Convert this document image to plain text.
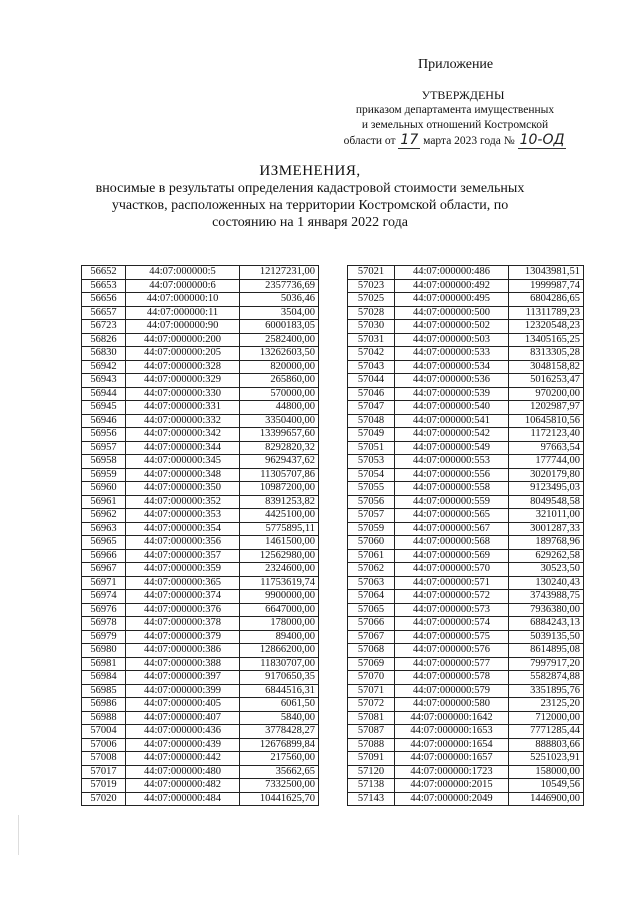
Приложение
УТВЕРЖДЕНЫ
приказом департамента имущественных
и земельных отношений Костромской
области от 17 марта 2023 года № 10-ОД
ИЗМЕНЕНИЯ,
вносимые в результаты определения кадастровой стоимости земельных
участков, расположенных на территории Костромской области, по
состоянию на 1 января 2022 года
56652	44:07:000000:5	12127231,00
56653	44:07:000000:6	2357736,69
56656	44:07:000000:10	5036,46
56657	44:07:000000:11	3504,00
56723	44:07:000000:90	6000183,05
56826	44:07:000000:200	2582400,00
56830	44:07:000000:205	13262603,50
56942	44:07:000000:328	820000,00
56943	44:07:000000:329	265860,00
56944	44:07:000000:330	570000,00
56945	44:07:000000:331	44800,00
56946	44:07:000000:332	3350400,00
56956	44:07:000000:342	13399657,60
56957	44:07:000000:344	8292820,32
56958	44:07:000000:345	9629437,62
56959	44:07:000000:348	11305707,86
56960	44:07:000000:350	10987200,00
56961	44:07:000000:352	8391253,82
56962	44:07:000000:353	4425100,00
56963	44:07:000000:354	5775895,11
56965	44:07:000000:356	1461500,00
56966	44:07:000000:357	12562980,00
56967	44:07:000000:359	2324600,00
56971	44:07:000000:365	11753619,74
56974	44:07:000000:374	9900000,00
56976	44:07:000000:376	6647000,00
56978	44:07:000000:378	178000,00
56979	44:07:000000:379	89400,00
56980	44:07:000000:386	12866200,00
56981	44:07:000000:388	11830707,00
56984	44:07:000000:397	9170650,35
56985	44:07:000000:399	6844516,31
56986	44:07:000000:405	6061,50
56988	44:07:000000:407	5840,00
57004	44:07:000000:436	3778428,27
57006	44:07:000000:439	12676899,84
57008	44:07:000000:442	217560,00
57017	44:07:000000:480	35662,65
57019	44:07:000000:482	7332500,00
57020	44:07:000000:484	10441625,70
57021	44:07:000000:486	13043981,51
57023	44:07:000000:492	1999987,74
57025	44:07:000000:495	6804286,65
57028	44:07:000000:500	11311789,23
57030	44:07:000000:502	12320548,23
57031	44:07:000000:503	13405165,25
57042	44:07:000000:533	8313305,28
57043	44:07:000000:534	3048158,82
57044	44:07:000000:536	5016253,47
57046	44:07:000000:539	970200,00
57047	44:07:000000:540	1202987,97
57048	44:07:000000:541	10645810,56
57049	44:07:000000:542	1172123,40
57051	44:07:000000:549	97663,54
57053	44:07:000000:553	177744,00
57054	44:07:000000:556	3020179,80
57055	44:07:000000:558	9123495,03
57056	44:07:000000:559	8049548,58
57057	44:07:000000:565	321011,00
57059	44:07:000000:567	3001287,33
57060	44:07:000000:568	189768,96
57061	44:07:000000:569	629262,58
57062	44:07:000000:570	30523,50
57063	44:07:000000:571	130240,43
57064	44:07:000000:572	3743988,75
57065	44:07:000000:573	7936380,00
57066	44:07:000000:574	6884243,13
57067	44:07:000000:575	5039135,50
57068	44:07:000000:576	8614895,08
57069	44:07:000000:577	7997917,20
57070	44:07:000000:578	5582874,88
57071	44:07:000000:579	3351895,76
57072	44:07:000000:580	23125,20
57081	44:07:000000:1642	712000,00
57087	44:07:000000:1653	7771285,44
57088	44:07:000000:1654	888803,66
57091	44:07:000000:1657	5251023,91
57120	44:07:000000:1723	158000,00
57138	44:07:000000:2015	10549,56
57143	44:07:000000:2049	1446900,00
